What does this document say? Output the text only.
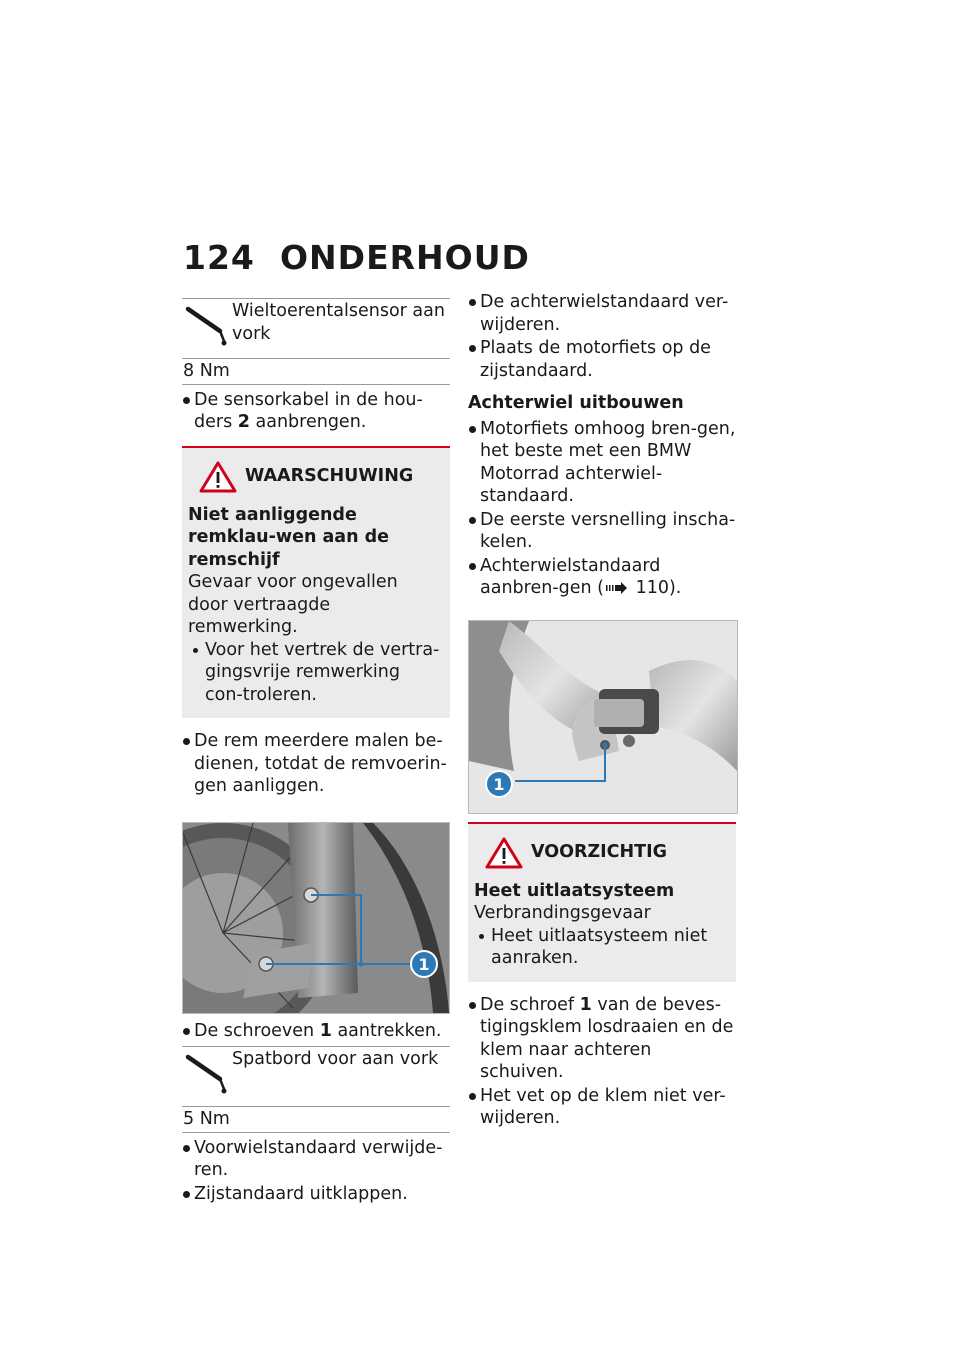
124 ONDERHOUD
Wieltoerentalsensor aan vork
8 Nm
De sensorkabel in de hou-ders 2 aanbrengen.
WAARSCHUWING
Niet aanliggende remklau-wen aan de remschijf
Gevaar voor ongevallen door vertraagde remwerking.
Voor het vertrek de vertra-gingsvrije remwerking con-troleren.
De rem meerdere malen be-dienen, totdat de remvoerin-gen aanliggen.
1
De schroeven 1 aantrekken.
Spatbord voor aan vork
5 Nm
Voorwielstandaard verwijde-ren.
Zijstandaard uitklappen.
De achterwielstandaard ver-wijderen.
Plaats de motorfiets op de zijstandaard.
Achterwiel uitbouwen
Motorfiets omhoog bren-gen, het beste met een BMW Motorrad achterwiel-standaard.
De eerste versnelling inscha-kelen.
Achterwielstandaard aanbren-gen ( 110).
1
VOORZICHTIG
Heet uitlaatsysteem
Verbrandingsgevaar
Heet uitlaatsysteem niet aanraken.
De schroef 1 van de beves-tigingsklem losdraaien en de klem naar achteren schuiven.
Het vet op de klem niet ver-wijderen.
